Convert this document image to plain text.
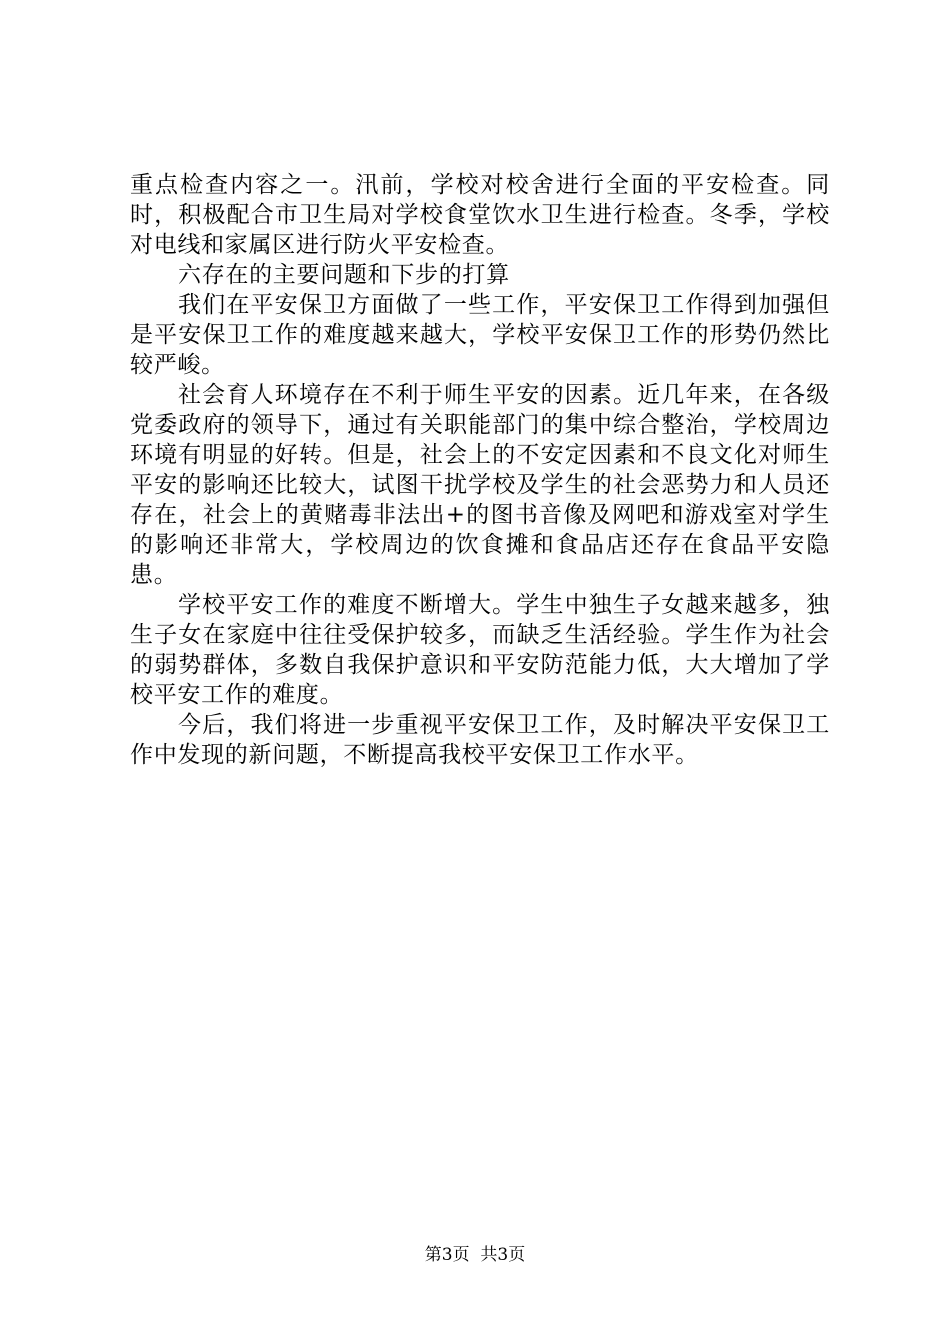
重点检查内容之一。汛前，学校对校舍进行全面的平安检查。同时，积极配合市卫生局对学校食堂饮水卫生进行检查。冬季，学校对电线和家属区进行防火平安检查。

六存在的主要问题和下步的打算

我们在平安保卫方面做了一些工作，平安保卫工作得到加强但是平安保卫工作的难度越来越大，学校平安保卫工作的形势仍然比较严峻。

社会育人环境存在不利于师生平安的因素。近几年来，在各级党委政府的领导下，通过有关职能部门的集中综合整治，学校周边环境有明显的好转。但是，社会上的不安定因素和不良文化对师生平安的影响还比较大，试图干扰学校及学生的社会恶势力和人员还存在，社会上的黄赌毒非法出+的图书音像及网吧和游戏室对学生的影响还非常大，学校周边的饮食摊和食品店还存在食品平安隐患。

学校平安工作的难度不断增大。学生中独生子女越来越多，独生子女在家庭中往往受保护较多，而缺乏生活经验。学生作为社会的弱势群体，多数自我保护意识和平安防范能力低，大大增加了学校平安工作的难度。

今后，我们将进一步重视平安保卫工作，及时解决平安保卫工作中发现的新问题，不断提高我校平安保卫工作水平。

第3页  共3页
